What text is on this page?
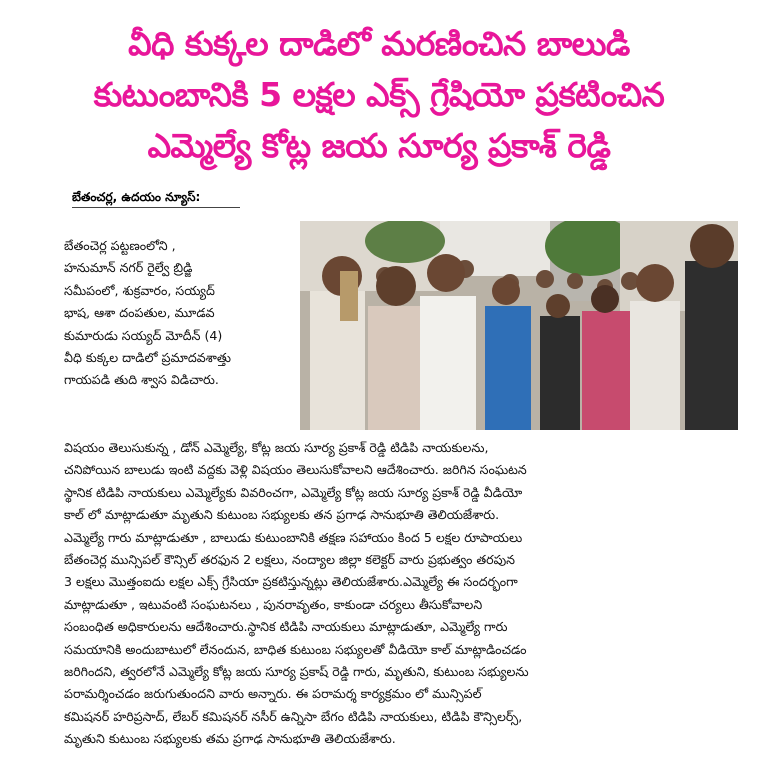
వీధి కుక్కల దాడిలో మరణించిన బాలుడి
కుటుంబానికి 5 లక్షల ఎక్స్ గ్రేషియో ప్రకటించిన
ఎమ్మెల్యే కోట్ల జయ సూర్య ప్రకాశ్ రెడ్డి
బేతంచర్ల, ఉదయం న్యూస్:
బేతంచెర్ల పట్టణంలోని ,
హనుమాన్ నగర్ రైల్వే బ్రిడ్జి
సమీపంలో, శుక్రవారం, సయ్యద్
భాష, ఆశా దంపతుల, మూడవ
కుమారుడు సయ్యద్ మోదీన్ (4)
వీధి కుక్కల దాడిలో ప్రమాదవశాత్తు
గాయపడి తుది శ్వాస విడిచారు.
విషయం తెలుసుకున్న , డోన్ ఎమ్మెల్యే, కోట్ల జయ సూర్య ప్రకాశ్ రెడ్డి టిడిపి నాయకులను,
చనిపోయిన బాలుడు ఇంటి వద్దకు వెళ్లి విషయం తెలుసుకోవాలని ఆదేశించారు. జరిగిన సంఘటన
స్థానిక టిడిపి నాయకులు ఎమ్మెల్యేకు వివరించగా, ఎమ్మెల్యే కోట్ల జయ సూర్య ప్రకాశ్ రెడ్డి వీడియో
కాల్ లో మాట్లాడుతూ మృతుని కుటుంబ సభ్యులకు తన ప్రగాఢ సానుభూతి తెలియజేశారు.
ఎమ్మెల్యే గారు మాట్లాడుతూ , బాలుడు కుటుంబానికి తక్షణ సహాయం కింద 5 లక్షల రూపాయలు
బేతంచెర్ల మున్సిపల్ కౌన్సిల్ తరఫున 2 లక్షలు, నంద్యాల జిల్లా కలెక్టర్ వారు ప్రభుత్వం తరపున
3 లక్షలు మొత్తంఐదు లక్షల ఎక్స్ గ్రేసియా ప్రకటిస్తున్నట్లు తెలియజేశారు.ఎమ్మెల్యే ఈ సందర్భంగా
మాట్లాడుతూ , ఇటువంటి సంఘటనలు , పునరావృతం, కాకుండా చర్యలు తీసుకోవాలని
సంబంధిత అధికారులను ఆదేశించారు.స్థానిక టిడిపి నాయకులు మాట్లాడుతూ, ఎమ్మెల్యే గారు
సమయానికి అందుబాటులో లేనందున, బాధిత కుటుంబ సభ్యులతో వీడియో కాల్ మాట్లాడించడం
జరిగిందని, త్వరలోనే ఎమ్మెల్యే కోట్ల జయ సూర్య ప్రకాష్ రెడ్డి గారు, మృతుని, కుటుంబ సభ్యులను
పరామర్శించడం జరుగుతుందని వారు అన్నారు. ఈ పరామర్శ కార్యక్రమం లో మున్సిపల్
కమిషనర్ హరిప్రసాద్, లేబర్ కమిషనర్ నసీర్ ఉన్నిసా బేగం టిడిపి నాయకులు, టిడిపి కౌన్సిలర్స్,
మృతుని కుటుంబ సభ్యులకు తమ ప్రగాఢ సానుభూతి తెలియజేశారు.
